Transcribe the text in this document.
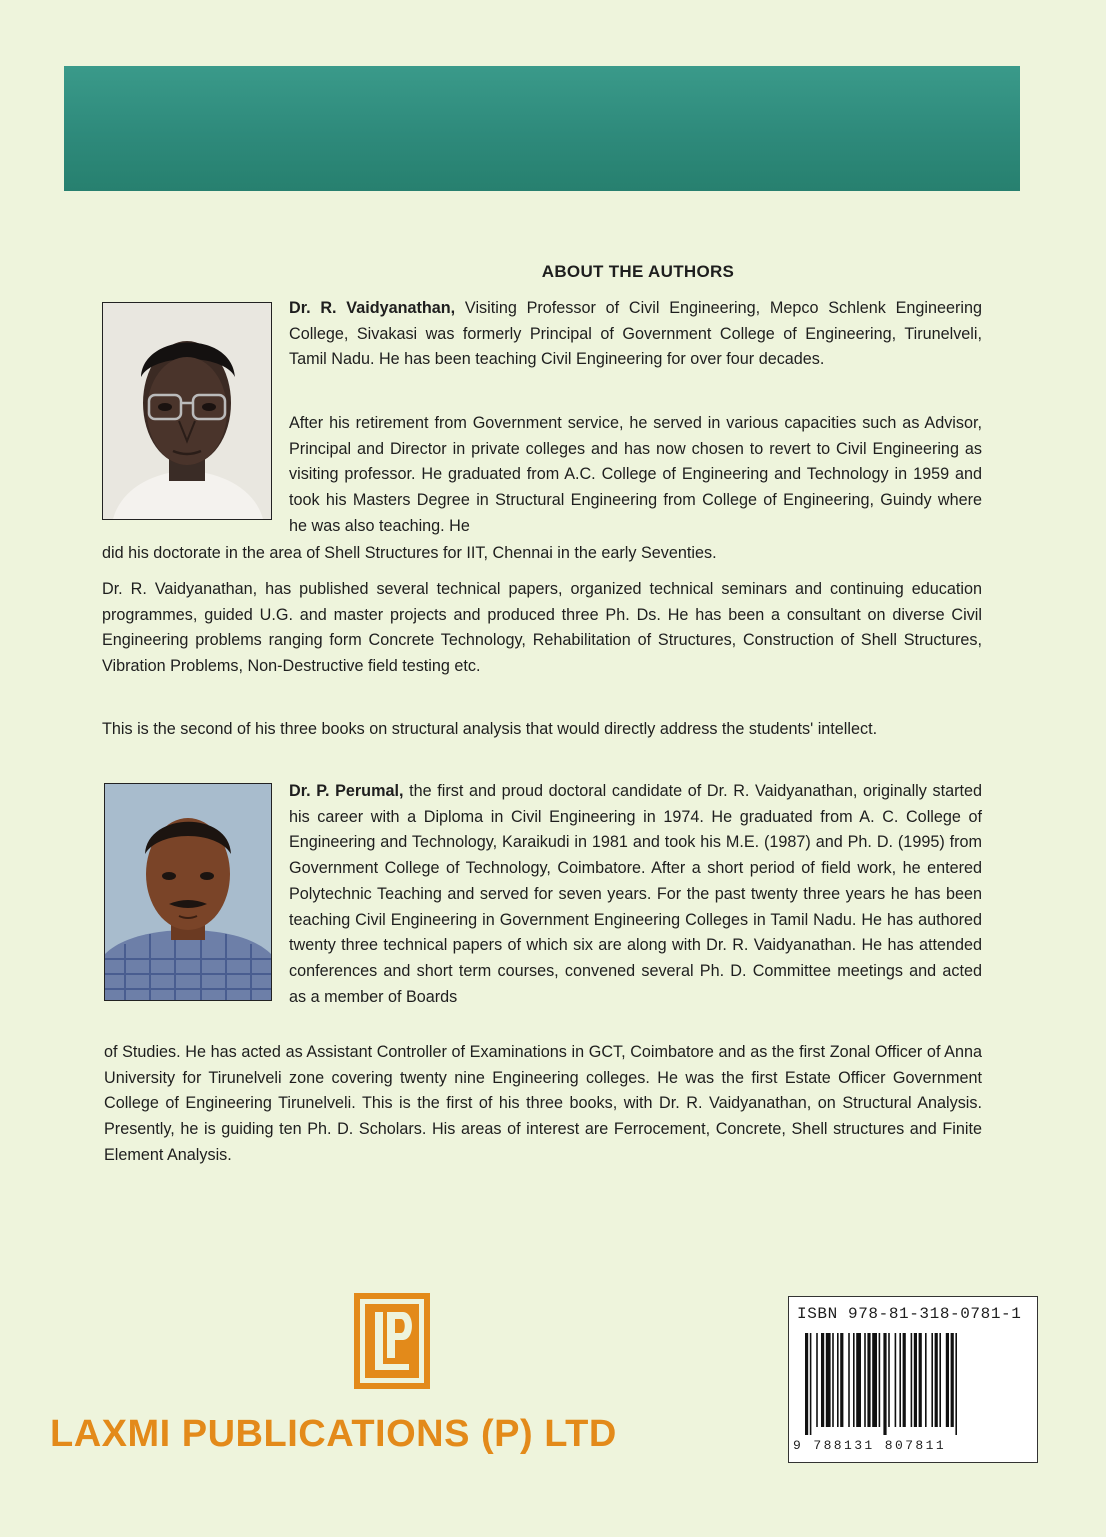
ABOUT THE AUTHORS

Dr. R. Vaidyanathan, Visiting Professor of Civil Engineering, Mepco Schlenk Engineering College, Sivakasi was formerly Principal of Government College of Engineering, Tirunelveli, Tamil Nadu. He has been teaching Civil Engineering for over four decades.

After his retirement from Government service, he served in various capacities such as Advisor, Principal and Director in private colleges and has now chosen to revert to Civil Engineering as visiting professor. He graduated from A.C. College of Engineering and Technology in 1959 and took his Masters Degree in Structural Engineering from College of Engineering, Guindy where he was also teaching. He

did his doctorate in the area of Shell Structures for IIT, Chennai in the early Seventies.

Dr. R. Vaidyanathan, has published several technical papers, organized technical seminars and continuing education programmes, guided U.G. and master projects and produced three Ph. Ds. He has been a consultant on diverse Civil Engineering problems ranging form Concrete Technology, Rehabilitation of Structures, Construction of Shell Structures, Vibration Problems, Non-Destructive field testing etc.

This is the second of his three books on structural analysis that would directly address the students' intellect.

Dr. P. Perumal, the first and proud doctoral candidate of Dr. R. Vaidyanathan, originally started his career with a Diploma in Civil Engineering in 1974. He graduated from A. C. College of Engineering and Technology, Karaikudi in 1981 and took his M.E. (1987) and Ph. D. (1995) from Government College of Technology, Coimbatore. After a short period of field work, he entered Polytechnic Teaching and served for seven years. For the past twenty three years he has been teaching Civil Engineering in Government Engineering Colleges in Tamil Nadu. He has authored twenty three technical papers of which six are along with Dr. R. Vaidyanathan. He has attended conferences and short term courses, convened several Ph. D. Committee meetings and acted as a member of Boards

of Studies. He has acted as Assistant Controller of Examinations in GCT, Coimbatore and as the first Zonal Officer of Anna University for Tirunelveli zone covering twenty nine Engineering colleges. He was the first Estate Officer Government College of Engineering Tirunelveli. This is the first of his three books, with Dr. R. Vaidyanathan, on Structural Analysis. Presently, he is guiding ten Ph. D. Scholars. His areas of interest are Ferrocement, Concrete, Shell structures and Finite Element Analysis.

LAXMI PUBLICATIONS (P) LTD
ISBN 978-81-318-0781-1
9 788131 807811
